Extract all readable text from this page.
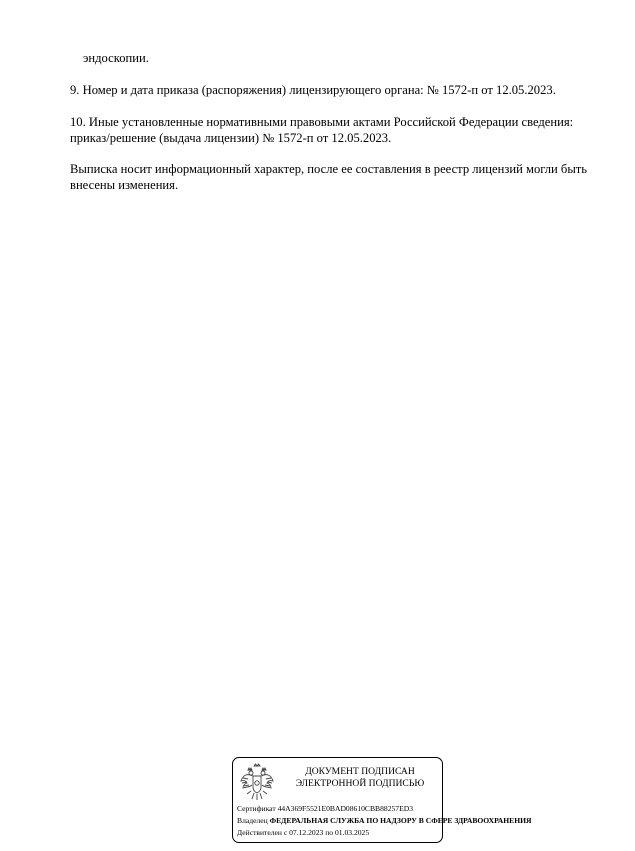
эндоскопии.
9. Номер и дата приказа (распоряжения) лицензирующего органа: № 1572-п от 12.05.2023.
10. Иные установленные нормативными правовыми актами Российской Федерации сведения: приказ/решение (выдача лицензии) № 1572-п от 12.05.2023.
Выписка носит информационный характер, после ее составления в реестр лицензий могли быть внесены изменения.
ДОКУМЕНТ ПОДПИСАН
ЭЛЕКТРОННОЙ ПОДПИСЬЮ
Сертификат 44A369F5521E0BAD08610CBB88257ED3
Владелец ФЕДЕРАЛЬНАЯ СЛУЖБА ПО НАДЗОРУ В СФЕРЕ ЗДРАВООХРАНЕНИЯ
Действителен с 07.12.2023 по 01.03.2025
